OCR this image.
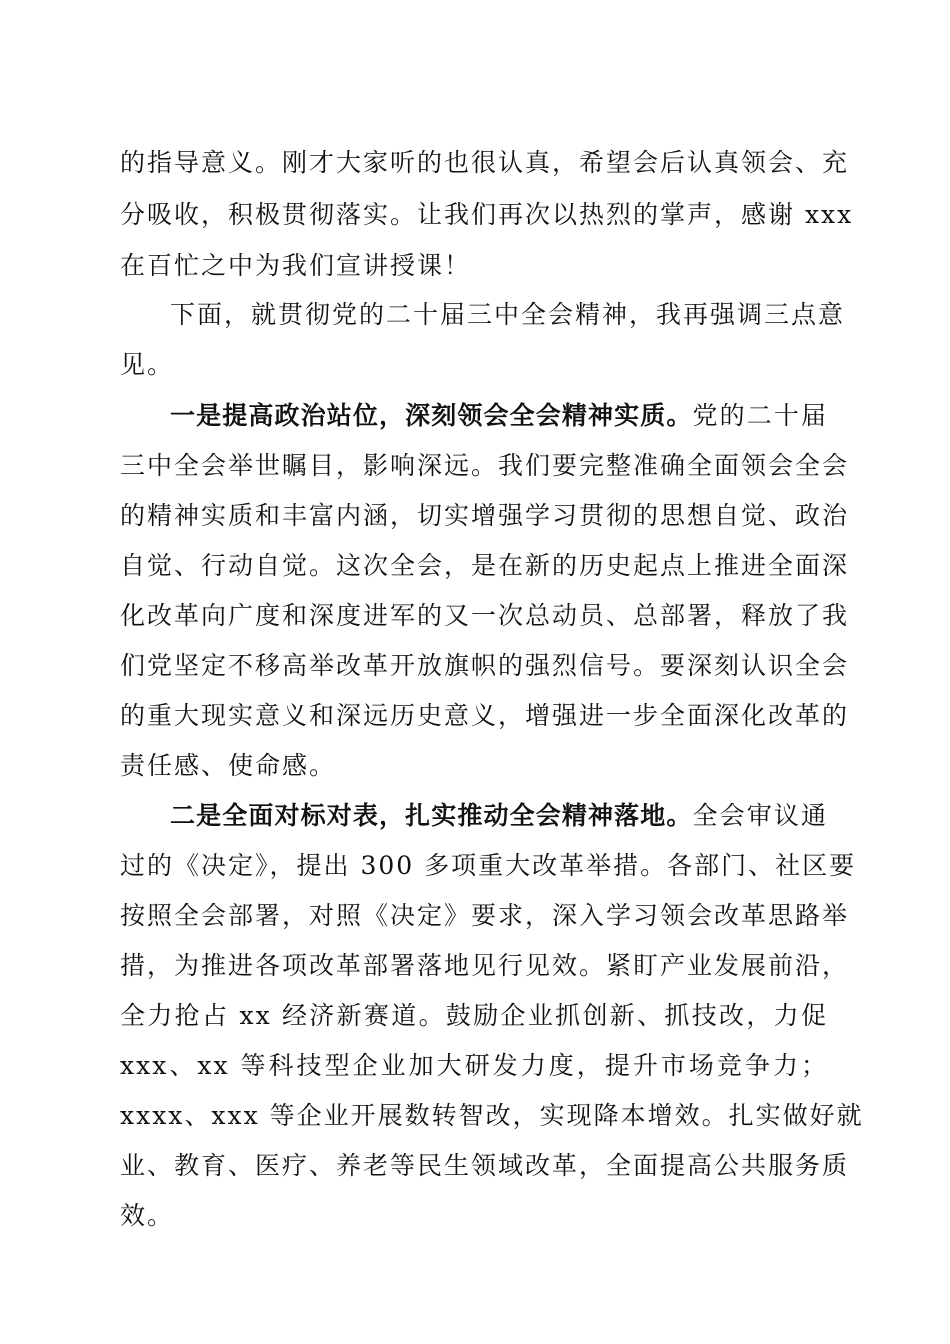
的指导意义。刚才大家听的也很认真，希望会后认真领会、充
分吸收，积极贯彻落实。让我们再次以热烈的掌声，感谢 xxx
在百忙之中为我们宣讲授课！
下面，就贯彻党的二十届三中全会精神，我再强调三点意
见。
一是提高政治站位，深刻领会全会精神实质。党的二十届
三中全会举世瞩目，影响深远。我们要完整准确全面领会全会
的精神实质和丰富内涵，切实增强学习贯彻的思想自觉、政治
自觉、行动自觉。这次全会，是在新的历史起点上推进全面深
化改革向广度和深度进军的又一次总动员、总部署，释放了我
们党坚定不移高举改革开放旗帜的强烈信号。要深刻认识全会
的重大现实意义和深远历史意义，增强进一步全面深化改革的
责任感、使命感。
二是全面对标对表，扎实推动全会精神落地。全会审议通
过的《决定》，提出 300 多项重大改革举措。各部门、社区要
按照全会部署，对照《决定》要求，深入学习领会改革思路举
措，为推进各项改革部署落地见行见效。紧盯产业发展前沿，
全力抢占 xx 经济新赛道。鼓励企业抓创新、抓技改，力促
xxx、xx 等科技型企业加大研发力度，提升市场竞争力；
xxxx、xxx 等企业开展数转智改，实现降本增效。扎实做好就
业、教育、医疗、养老等民生领域改革，全面提高公共服务质
效。
